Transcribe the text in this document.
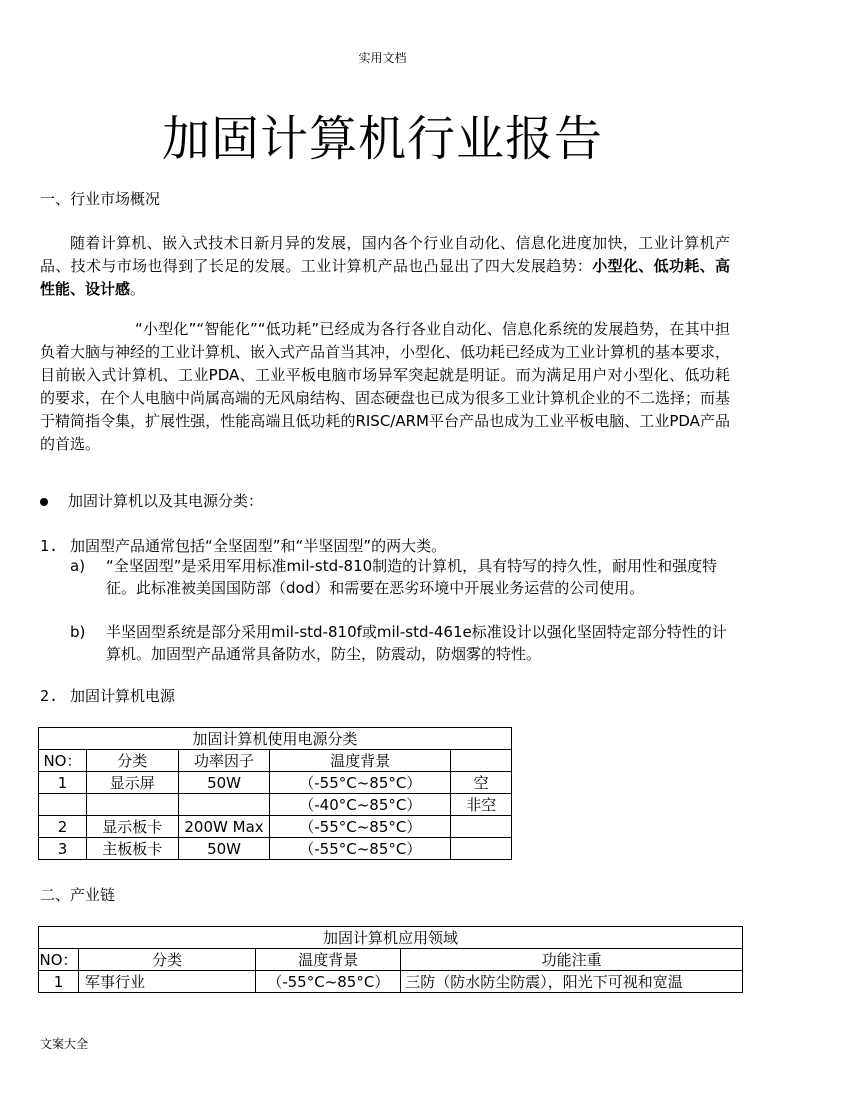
实用文档
加固计算机行业报告
一、行业市场概况
随着计算机、嵌入式技术日新月异的发展，国内各个行业自动化、信息化进度加快，工业计算机产品、技术与市场也得到了长足的发展。工业计算机产品也凸显出了四大发展趋势：小型化、低功耗、高性能、设计感。
“小型化”“智能化”“低功耗”已经成为各行各业自动化、信息化系统的发展趋势，在其中担负着大脑与神经的工业计算机、嵌入式产品首当其冲，小型化、低功耗已经成为工业计算机的基本要求，目前嵌入式计算机、工业PDA、工业平板电脑市场异军突起就是明证。而为满足用户对小型化、低功耗的要求，在个人电脑中尚属高端的无风扇结构、固态硬盘也已成为很多工业计算机企业的不二选择；而基于精简指令集，扩展性强，性能高端且低功耗的RISC/ARM平台产品也成为工业平板电脑、工业PDA产品的首选。
加固计算机以及其电源分类：
1. 加固型产品通常包括“全坚固型”和“半坚固型”的两大类。
a)	“全坚固型”是采用军用标准mil-std-810制造的计算机，具有特写的持久性，耐用性和强度特征。此标准被美国国防部（dod）和需要在恶劣环境中开展业务运营的公司使用。
b)	半坚固型系统是部分采用mil-std-810f或mil-std-461e标准设计以强化坚固特定部分特性的计算机。加固型产品通常具备防水，防尘，防震动，防烟雾的特性。
2. 加固计算机电源
加固计算机使用电源分类				
NO：	分类	功率因子	温度背景	
1	显示屏	50W	（-55°C~85°C）	空
			（-40°C~85°C）	非空
2	显示板卡	200W Max	（-55°C~85°C）	
3	主板板卡	50W	（-55°C~85°C）	
二、产业链
加固计算机应用领域			
NO：	分类	温度背景	功能注重
1	军事行业	（-55°C~85°C）	三防（防水防尘防震），阳光下可视和宽温
文案大全
